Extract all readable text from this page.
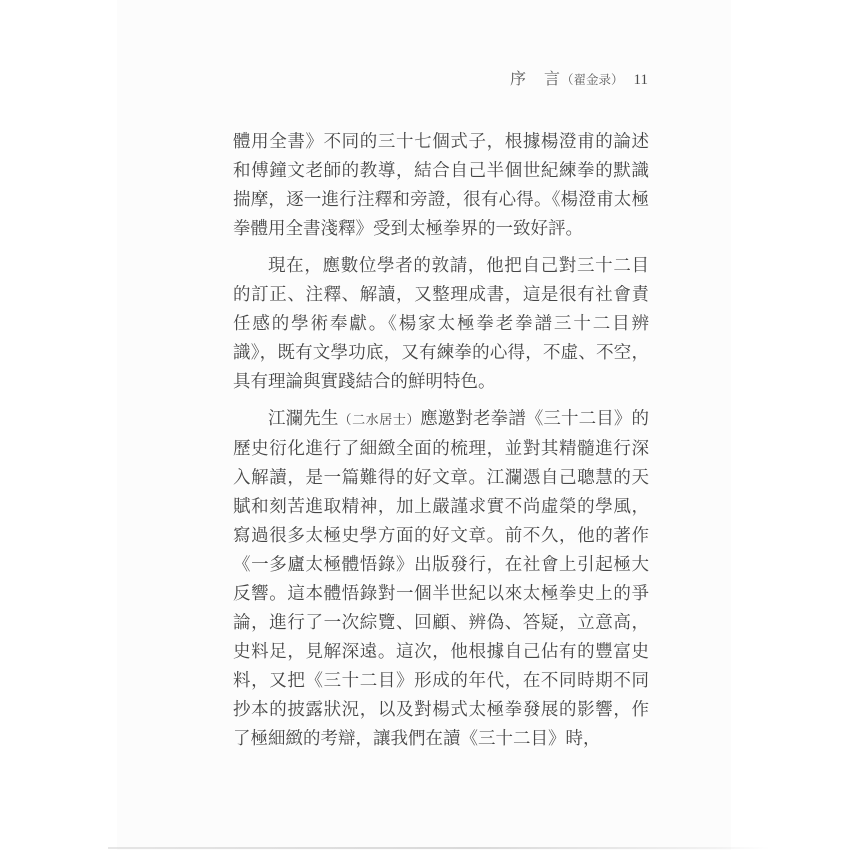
序　言（翟金录） 11

體用全書》不同的三十七個式子，根據楊澄甫的論述和傅鐘文老師的教導，結合自己半個世紀練拳的默識揣摩，逐一進行注釋和旁證，很有心得。《楊澄甫太極拳體用全書淺釋》受到太極拳界的一致好評。

現在，應數位學者的敦請，他把自己對三十二目的訂正、注釋、解讀，又整理成書，這是很有社會責任感的學術奉獻。《楊家太極拳老拳譜三十二目辨識》，既有文學功底，又有練拳的心得，不虛、不空，具有理論與實踐結合的鮮明特色。

江瀾先生（二水居士）應邀對老拳譜《三十二目》的歷史衍化進行了細緻全面的梳理，並對其精髓進行深入解讀，是一篇難得的好文章。江瀾憑自己聰慧的天賦和刻苦進取精神，加上嚴謹求實不尚虛榮的學風，寫過很多太極史學方面的好文章。前不久，他的著作《一多廬太極體悟錄》出版發行，在社會上引起極大反響。這本體悟錄對一個半世紀以來太極拳史上的爭論，進行了一次綜覽、回顧、辨偽、答疑，立意高，史料足，見解深遠。這次，他根據自己佔有的豐富史料，又把《三十二目》形成的年代，在不同時期不同抄本的披露狀況，以及對楊式太極拳發展的影響，作了極細緻的考辯，讓我們在讀《三十二目》時，
